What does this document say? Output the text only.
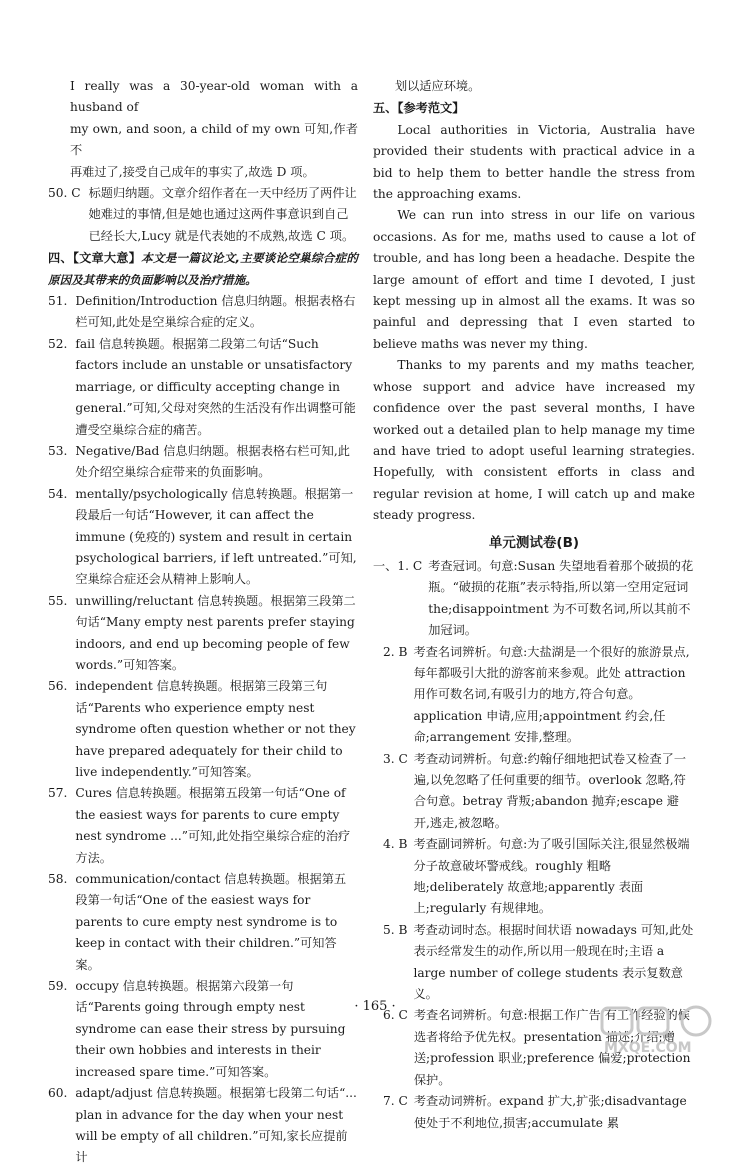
I really was a 30-year-old woman with a husband of

my own, and soon, a child of my own 可知,作者不

再难过了,接受自己成年的事实了,故选 D 项。

50. C 标题归纳题。文章介绍作者在一天中经历了两件让她难过的事情,但是她也通过这两件事意识到自己已经长大,Lucy 就是代表她的不成熟,故选 C 项。

四、【文章大意】本文是一篇议论文,主要谈论空巢综合症的原因及其带来的负面影响以及治疗措施。

51. Definition/Introduction 信息归纳题。根据表格右栏可知,此处是空巢综合症的定义。
52. fail 信息转换题。根据第二段第二句话“Such factors include an unstable or unsatisfactory marriage, or difficulty accepting change in general.”可知,父母对突然的生活没有作出调整可能遭受空巢综合症的痛苦。
53. Negative/Bad 信息归纳题。根据表格右栏可知,此处介绍空巢综合症带来的负面影响。
54. mentally/psychologically 信息转换题。根据第一段最后一句话“However, it can affect the immune (免疫的) system and result in certain psychological barriers, if left untreated.”可知,空巢综合症还会从精神上影响人。
55. unwilling/reluctant 信息转换题。根据第三段第二句话“Many empty nest parents prefer staying indoors, and end up becoming people of few words.”可知答案。
56. independent 信息转换题。根据第三段第三句话“Parents who experience empty nest syndrome often question whether or not they have prepared adequately for their child to live independently.”可知答案。
57. Cures 信息转换题。根据第五段第一句话“One of the easiest ways for parents to cure empty nest syndrome ...”可知,此处指空巢综合症的治疗方法。
58. communication/contact 信息转换题。根据第五段第一句话“One of the easiest ways for parents to cure empty nest syndrome is to keep in contact with their children.”可知答案。
59. occupy 信息转换题。根据第六段第一句话“Parents going through empty nest syndrome can ease their stress by pursuing their own hobbies and interests in their increased spare time.”可知答案。
60. adapt/adjust 信息转换题。根据第七段第二句话“... plan in advance for the day when your nest will be empty of all children.”可知,家长应提前计

划以适应环境。

五、【参考范文】

Local authorities in Victoria, Australia have provided their students with practical advice in a bid to help them to better handle the stress from the approaching exams.

We can run into stress in our life on various occasions. As for me, maths used to cause a lot of trouble, and has long been a headache. Despite the large amount of effort and time I devoted, I just kept messing up in almost all the exams. It was so painful and depressing that I even started to believe maths was never my thing.

Thanks to my parents and my maths teacher, whose support and advice have increased my confidence over the past several months, I have worked out a detailed plan to help manage my time and have tried to adopt useful learning strategies. Hopefully, with consistent efforts in class and regular revision at home, I will catch up and make steady progress.

单元测试卷(B)
一、1. C 考查冠词。句意:Susan 失望地看着那个破损的花瓶。“破损的花瓶”表示特指,所以第一空用定冠词 the;disappointment 为不可数名词,所以其前不加冠词。
2. B 考查名词辨析。句意:大盐湖是一个很好的旅游景点,每年都吸引大批的游客前来参观。此处 attraction 用作可数名词,有吸引力的地方,符合句意。application 申请,应用;appointment 约会,任命;arrangement 安排,整理。
3. C 考查动词辨析。句意:约翰仔细地把试卷又检查了一遍,以免忽略了任何重要的细节。overlook 忽略,符合句意。betray 背叛;abandon 抛弃;escape 避开,逃走,被忽略。
4. B 考查副词辨析。句意:为了吸引国际关注,很显然极端分子故意破坏警戒线。roughly 粗略地;deliberately 故意地;apparently 表面上;regularly 有规律地。
5. B 考查动词时态。根据时间状语 nowadays 可知,此处表示经常发生的动作,所以用一般现在时;主语 a large number of college students 表示复数意义。
6. C 考查名词辨析。句意:根据工作广告,有工作经验的候选者将给予优先权。presentation 描述;介绍;赠送;profession 职业;preference 偏爱;protection 保护。
7. C 考查动词辨析。expand 扩大,扩张;disadvantage 使处于不利地位,损害;accumulate 累
· 165 ·
MXQE.COM
